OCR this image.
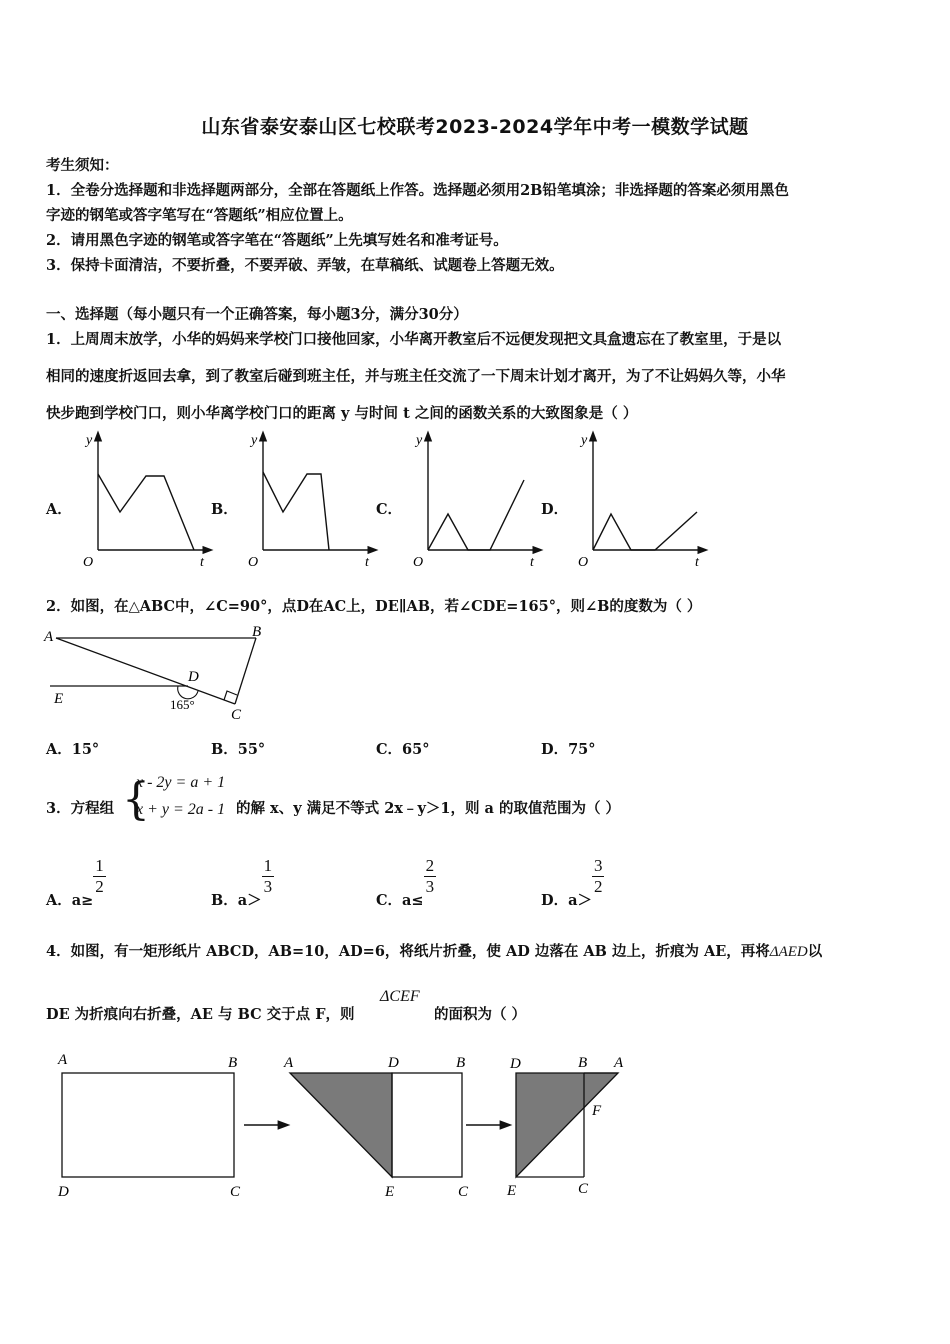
山东省泰安泰山区七校联考2023-2024学年中考一模数学试题
考生须知：
1．全卷分选择题和非选择题两部分，全部在答题纸上作答。选择题必须用2B铅笔填涂；非选择题的答案必须用黑色
字迹的钢笔或答字笔写在“答题纸”相应位置上。
2．请用黑色字迹的钢笔或答字笔在“答题纸”上先填写姓名和准考证号。
3．保持卡面清洁，不要折叠，不要弄破、弄皱，在草稿纸、试题卷上答题无效。
一、选择题（每小题只有一个正确答案，每小题3分，满分30分）
1．上周周末放学，小华的妈妈来学校门口接他回家，小华离开教室后不远便发现把文具盒遗忘在了教室里，于是以
相同的速度折返回去拿，到了教室后碰到班主任，并与班主任交流了一下周末计划才离开，为了不让妈妈久等，小华
快步跑到学校门口，则小华离学校门口的距离 y 与时间 t 之间的函数关系的大致图象是（ ）
A．	B．	C．	D．
y
t
O
y
t
O
y
t
O
y
t
O
2．如图，在△ABC中，∠C=90°，点D在AC上，DE∥AB，若∠CDE=165°，则∠B的度数为（ ）
A	B
C
D
E	165°
A．15°	B．55°	C．65°	D．75°
3．方程组 {
x - 2y = a + 1
x + y = 2a - 1 的解 x、y 满足不等式 2x﹣y＞1，则 a 的取值范围为（ ）
A．a≥
$\frac{1}{2}$
B．a＞
$\frac{1}{3}$
C．a≤
$\frac{2}{3}$
D．a＞
$\frac{3}{2}$
4．如图，有一矩形纸片 ABCD，AB=10，AD=6，将纸片折叠，使 AD 边落在 AB 边上，折痕为 AE，再将ΔAED以
DE 为折痕向右折叠，AE 与 BC 交于点 F，则
ΔCEF
的面积为（ ）
A	B
D	C
A	D	B
E	C
D	B A
F
E	C
